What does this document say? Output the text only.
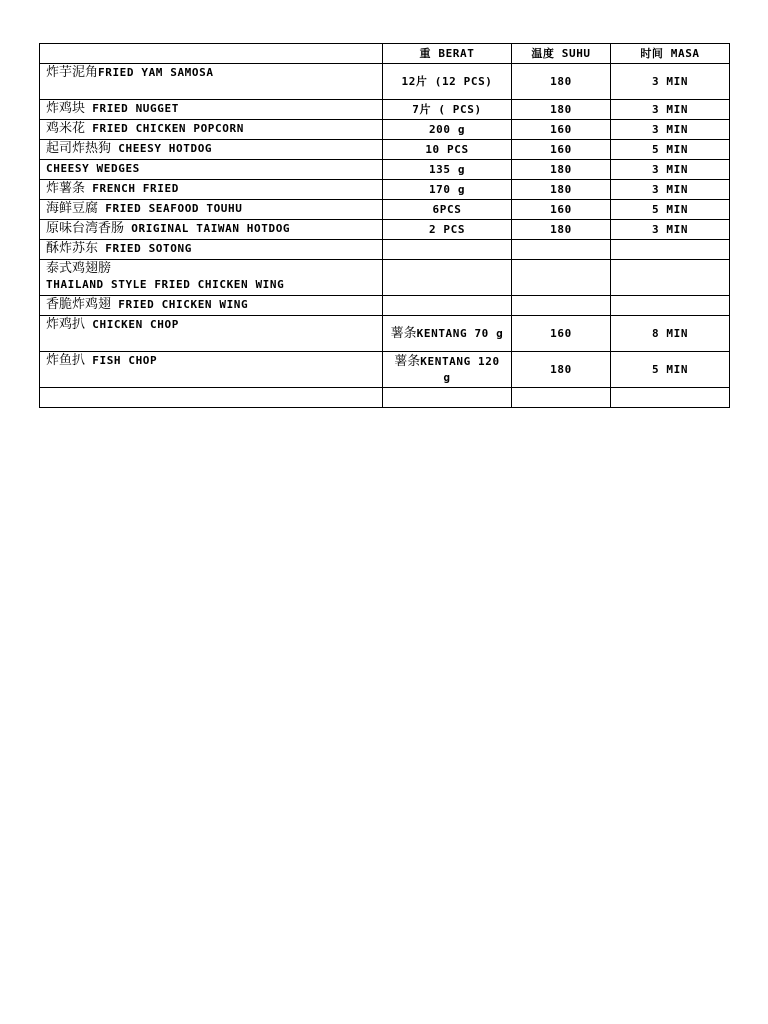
	重 BERAT	温度 SUHU	时间 MASA
炸芋泥角FRIED YAM SAMOSA	12片 (12 PCS)	180	3 MIN
炸鸡块 FRIED NUGGET	7片 ( PCS)	180	3 MIN
鸡米花 FRIED CHICKEN POPCORN	200 g	160	3 MIN
起司炸热狗 CHEESY HOTDOG	10 PCS	160	5 MIN
CHEESY WEDGES	135 g	180	3 MIN
炸薯条 FRENCH FRIED	170 g	180	3 MIN
海鲜豆腐 FRIED SEAFOOD TOUHU	6PCS	160	5 MIN
原味台湾香肠 ORIGINAL TAIWAN HOTDOG	2 PCS	180	3 MIN
酥炸苏东 FRIED SOTONG			

泰式鸡翅膀
THAILAND STYLE FRIED CHICKEN WING			

香脆炸鸡翅 FRIED CHICKEN WING			
炸鸡扒 CHICKEN CHOP	薯条KENTANG 70 g	160	8 MIN
炸鱼扒 FISH CHOP	薯条KENTANG 120 g	180	5 MIN
